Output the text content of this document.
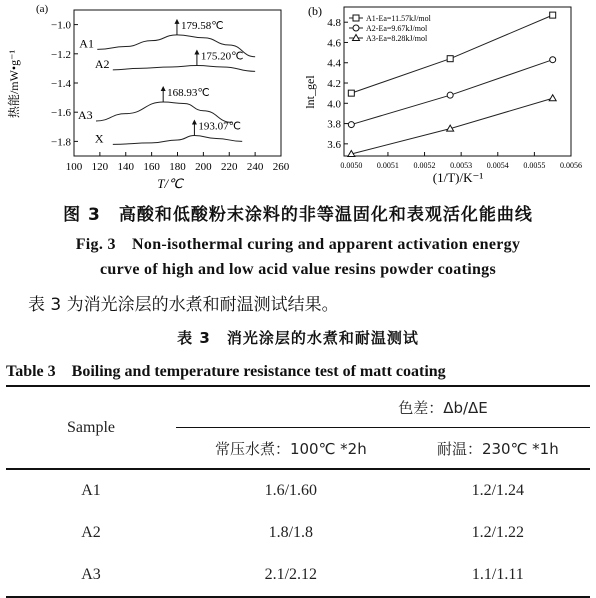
(a)
100 120 140 160 180 200 220 240 260
−1.0
−1.2
−1.4
−1.6
−1.8
A1
179.58℃
A2
175.20℃
A3
168.93℃
X
193.07℃
热能/mW•g⁻¹
T/℃
(b)
0.0050 0.0051 0.0052 0.0053 0.0054 0.0055 0.0056
3.6
3.8
4.0
4.2
4.4
4.6
4.8	A1-Ea=11.57kJ/mol
A2-Ea=9.67kJ/mol
A3-Ea=8.28kJ/mol
lnt_gel
(1/T)/K⁻¹
图 3　高酸和低酸粉末涂料的非等温固化和表观活化能曲线
Fig. 3　Non-isothermal curing and apparent activation energy
curve of high and low acid value resins powder coatings
表 3 为消光涂层的水煮和耐温测试结果。
表 3　消光涂层的水煮和耐温测试
Table 3　Boiling and temperature resistance test of matt coating
Sample	色差：Δb/ΔE	
	常压水煮：100℃ *2h	耐温：230℃ *1h
A1	1.6/1.60	1.2/1.24
A2	1.8/1.8	1.2/1.22
A3	2.1/2.12	1.1/1.11
